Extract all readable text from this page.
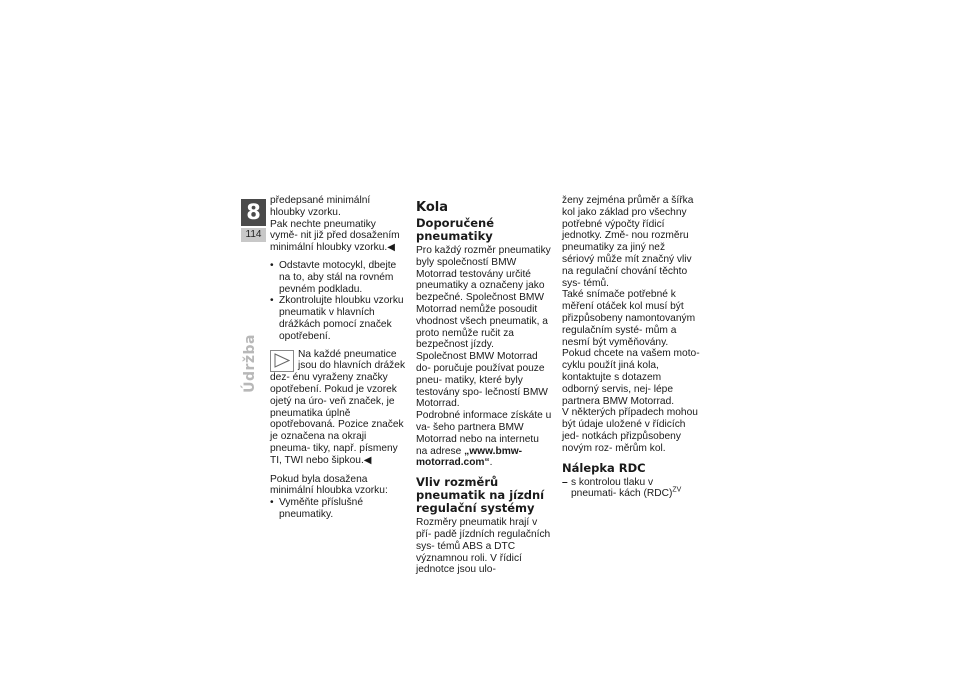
8
114
Údržba

předepsané minimální hloubky vzorku.

Pak nechte pneumatiky vymě- nit již před dosažením minimální hloubky vzorku.◀

• Odstavte motocykl, dbejte na to, aby stál na rovném pevném podkladu.
• Zkontrolujte hloubku vzorku pneumatik v hlavních drážkách pomocí značek opotřebení.

Na každé pneumatice jsou do hlavních drážek dez- énu vyraženy značky opotřebení. Pokud je vzorek ojetý na úro- veň značek, je pneumatika úplně opotřebovaná. Pozice značek je označena na okraji pneuma- tiky, např. písmeny TI, TWI nebo šipkou.◀

Pokud byla dosažena minimální hloubka vzorku:

• Vyměňte příslušné pneumatiky.
Kola
Doporučené pneumatiky

Pro každý rozměr pneumatiky byly společností BMW Motorrad testovány určité pneumatiky a označeny jako bezpečné. Společnost BMW Motorrad nemůže posoudit vhodnost všech pneumatik, a proto nemůže ručit za bezpečnost jízdy.

Společnost BMW Motorrad do- poručuje používat pouze pneu- matiky, které byly testovány spo- lečností BMW Motorrad.

Podrobné informace získáte u va- šeho partnera BMW Motorrad nebo na internetu na adrese „www.bmw-motorrad.com“.

Vliv rozměrů pneumatik na jízdní regulační systémy

Rozměry pneumatik hrají v pří- padě jízdních regulačních sys- témů ABS a DTC významnou roli. V řídicí jednotce jsou ulo-

ženy zejména průměr a šířka kol jako základ pro všechny potřebné výpočty řídicí jednotky. Změ- nou rozměru pneumatiky za jiný než sériový může mít značný vliv na regulační chování těchto sys- témů.

Také snímače potřebné k měření otáček kol musí být přizpůsobeny namontovaným regulačním systé- mům a nesmí být vyměňovány.

Pokud chcete na vašem moto- cyklu použít jiná kola, kontaktujte s dotazem odborný servis, nej- lépe partnera BMW Motorrad.

V některých případech mohou být údaje uložené v řídicích jed- notkách přizpůsobeny novým roz- měrům kol.

Nálepka RDC
– s kontrolou tlaku v pneumati- kách (RDC)$^{ZV}$
